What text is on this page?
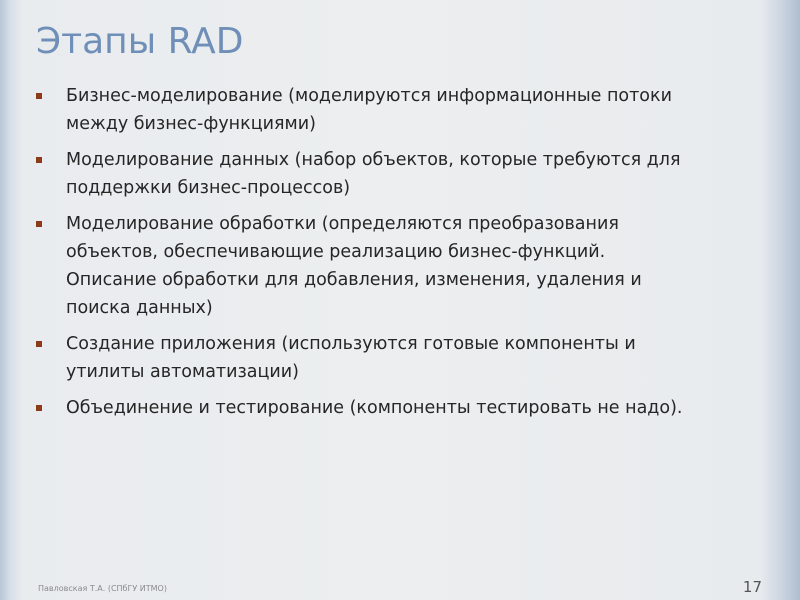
Этапы RAD
Бизнес-моделирование (моделируются информационные потоки
между бизнес-функциями)
Моделирование данных (набор объектов, которые требуются для
поддержки бизнес-процессов)
Моделирование обработки (определяются преобразования
объектов, обеспечивающие реализацию бизнес-функций.
Описание обработки для добавления, изменения, удаления и
поиска данных)
Создание приложения (используются готовые компоненты и
утилиты автоматизации)
Объединение и тестирование (компоненты тестировать не надо).
Павловская Т.А. (СПбГУ ИТМО)	17
